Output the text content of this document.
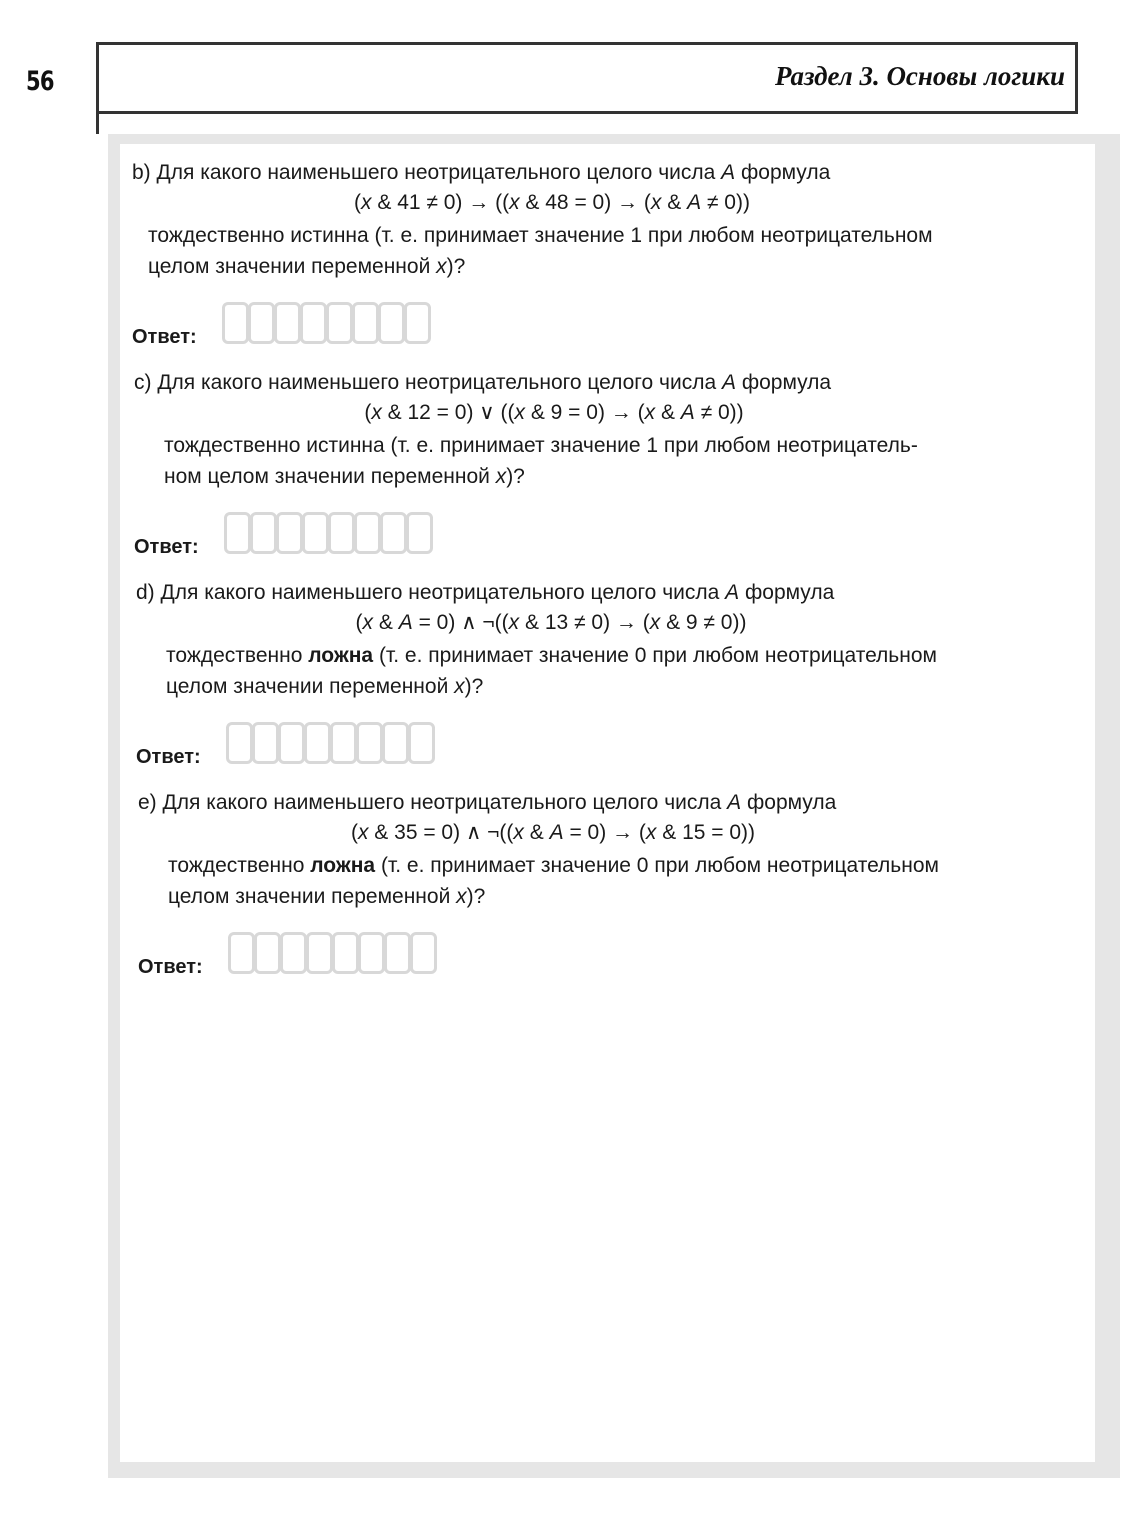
56	Раздел 3. Основы логики
b) Для какого наименьшего неотрицательного целого числа A формула
(x & 41 ≠ 0) → ((x & 48 = 0) → (x & A ≠ 0))
тождественно истинна (т. е. принимает значение 1 при любом неотрицательном
целом значении переменной x)?
Ответ:
c) Для какого наименьшего неотрицательного целого числа A формула
(x & 12 = 0) ∨ ((x & 9 = 0) → (x & A ≠ 0))
тождественно истинна (т. е. принимает значение 1 при любом неотрицатель-
ном целом значении переменной x)?
Ответ:
d) Для какого наименьшего неотрицательного целого числа A формула
(x & A = 0) ∧ ¬((x & 13 ≠ 0) → (x & 9 ≠ 0))
тождественно ложна (т. е. принимает значение 0 при любом неотрицательном
целом значении переменной x)?
Ответ:
e) Для какого наименьшего неотрицательного целого числа A формула
(x & 35 = 0) ∧ ¬((x & A = 0) → (x & 15 = 0))
тождественно ложна (т. е. принимает значение 0 при любом неотрицательном
целом значении переменной x)?
Ответ:
